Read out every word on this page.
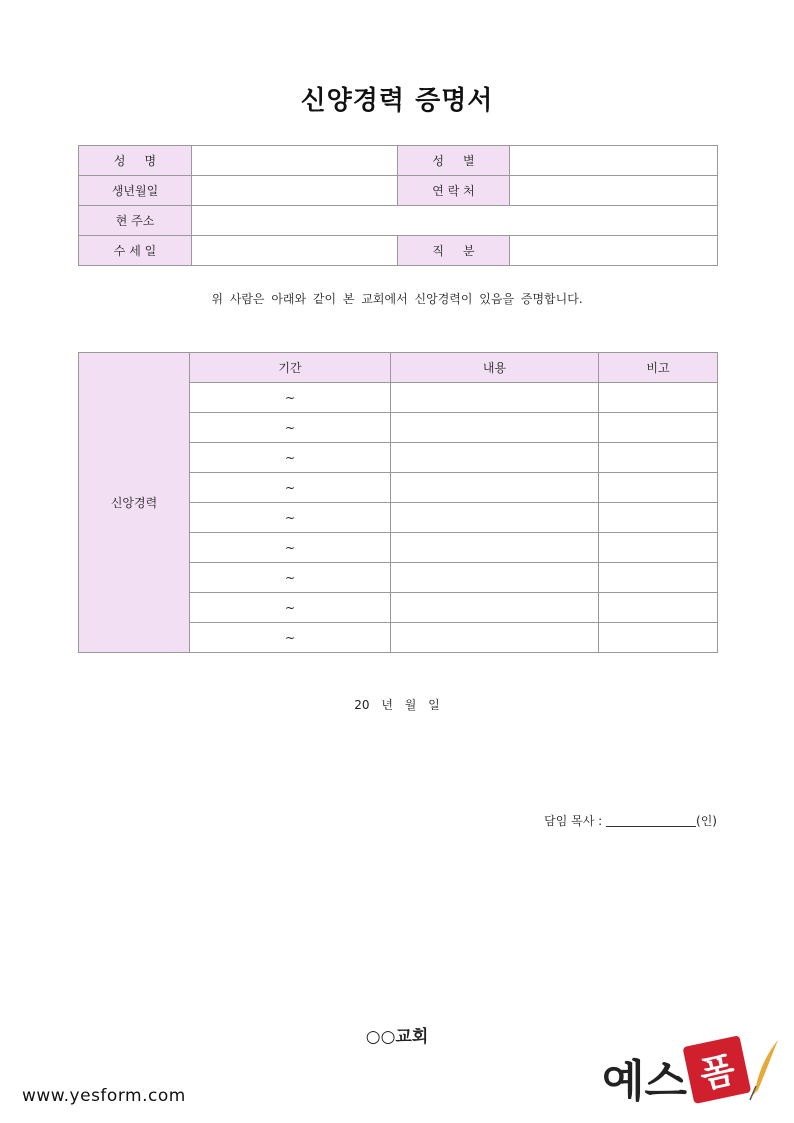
신양경력 증명서
성     명		성     별	
생년월일		연 락 처	
현 주소			
수 세 일		직     분	
위 사람은 아래와 같이 본 교회에서 신앙경력이 있음을 증명합니다.
신앙경력	기간	내용	비고
	~		
	~		
	~		
	~		
	~		
	~		
	~		
	~		
	~		
20 년 월 일
담임 목사 :	(인)
○○교회
www.yesform.com	예스 폼
